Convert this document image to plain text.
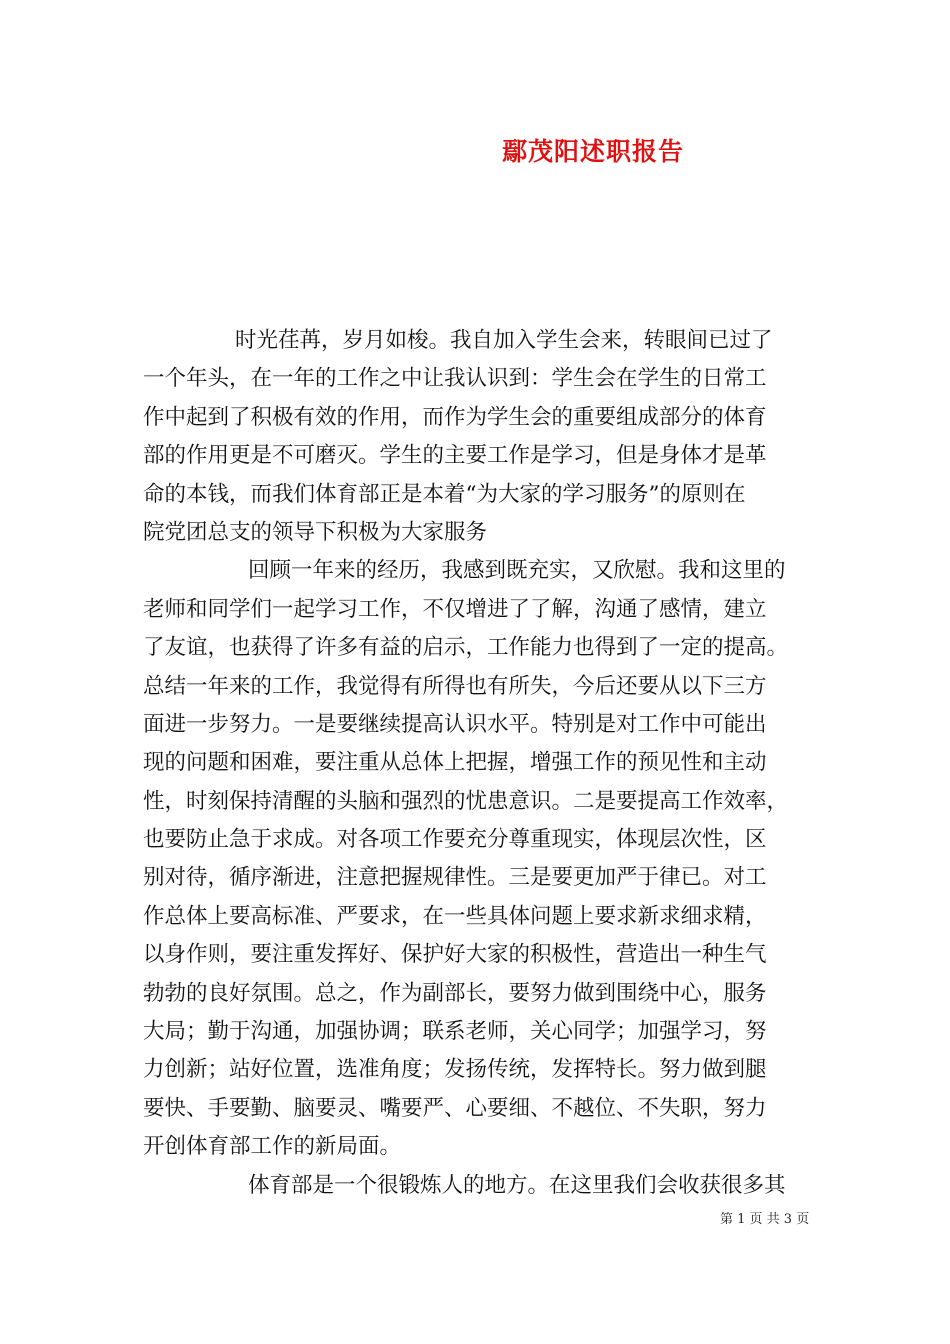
鄢茂阳述职报告
时光荏苒，岁月如梭。我自加入学生会来，转眼间已过了
一个年头，在一年的工作之中让我认识到：学生会在学生的日常工
作中起到了积极有效的作用，而作为学生会的重要组成部分的体育
部的作用更是不可磨灭。学生的主要工作是学习，但是身体才是革
命的本钱，而我们体育部正是本着“为大家的学习服务”的原则在
院党团总支的领导下积极为大家服务
回顾一年来的经历，我感到既充实，又欣慰。我和这里的
老师和同学们一起学习工作，不仅增进了了解，沟通了感情，建立
了友谊，也获得了许多有益的启示，工作能力也得到了一定的提高。
总结一年来的工作，我觉得有所得也有所失，今后还要从以下三方
面进一步努力。一是要继续提高认识水平。特别是对工作中可能出
现的问题和困难，要注重从总体上把握，增强工作的预见性和主动
性，时刻保持清醒的头脑和强烈的忧患意识。二是要提高工作效率，
也要防止急于求成。对各项工作要充分尊重现实，体现层次性，区
别对待，循序渐进，注意把握规律性。三是要更加严于律已。对工
作总体上要高标准、严要求，在一些具体问题上要求新求细求精，
以身作则，要注重发挥好、保护好大家的积极性，营造出一种生气
勃勃的良好氛围。总之，作为副部长，要努力做到围绕中心，服务
大局；勤于沟通，加强协调；联系老师，关心同学；加强学习，努
力创新；站好位置，选准角度；发扬传统，发挥特长。努力做到腿
要快、手要勤、脑要灵、嘴要严、心要细、不越位、不失职，努力
开创体育部工作的新局面。
体育部是一个很锻炼人的地方。在这里我们会收获很多其
第 1 页 共 3 页
